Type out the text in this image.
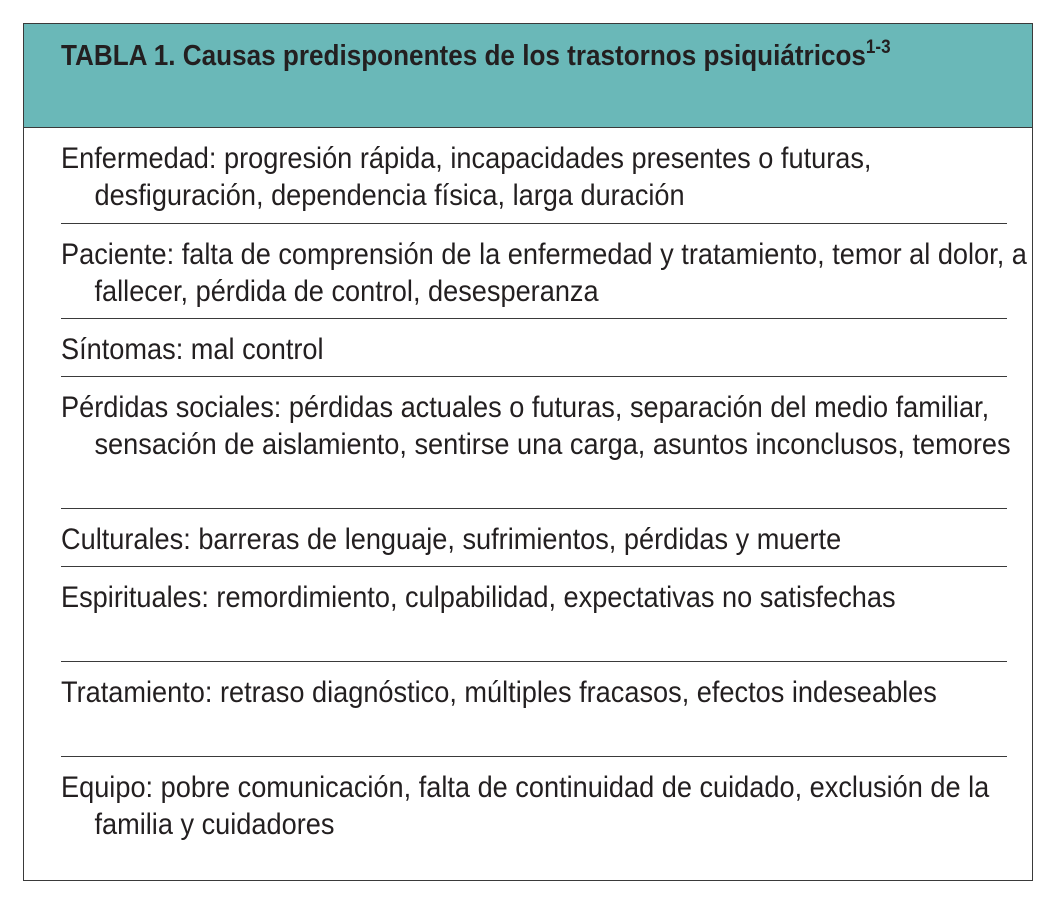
TABLA 1. Causas predisponentes de los trastornos psiquiátricos$^{1-3}$
Enfermedad: progresión rápida, incapacidades presentes o futuras, desfiguración, dependencia física, larga duración
Paciente: falta de comprensión de la enfermedad y tratamiento, temor al dolor, a fallecer, pérdida de control, desesperanza
Síntomas: mal control
Pérdidas sociales: pérdidas actuales o futuras, separación del medio familiar, sensación de aislamiento, sentirse una carga, asuntos inconclusos, temores
Culturales: barreras de lenguaje, sufrimientos, pérdidas y muerte
Espirituales: remordimiento, culpabilidad, expectativas no satisfechas
Tratamiento: retraso diagnóstico, múltiples fracasos, efectos indeseables
Equipo: pobre comunicación, falta de continuidad de cuidado, exclusión de la familia y cuidadores
